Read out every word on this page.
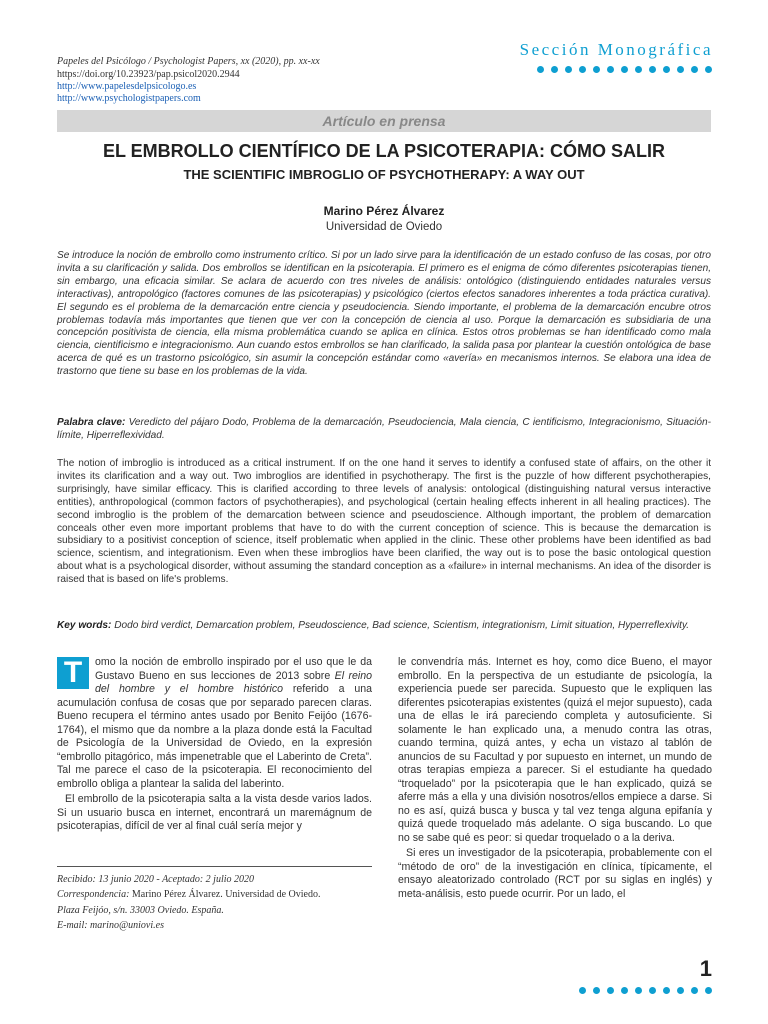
Papeles del Psicólogo / Psychologist Papers, xx (2020), pp. xx-xx
https://doi.org/10.23923/pap.psicol2020.2944
http://www.papelesdelpsicologo.es
http://www.psychologistpapers.com
Sección Monográfica
Artículo en prensa
EL EMBROLLO CIENTÍFICO DE LA PSICOTERAPIA: CÓMO SALIR
THE SCIENTIFIC IMBROGLIO OF PSYCHOTHERAPY: A WAY OUT
Marino Pérez Álvarez
Universidad de Oviedo
Se introduce la noción de embrollo como instrumento crítico. Si por un lado sirve para la identificación de un estado confuso de las cosas, por otro invita a su clarificación y salida. Dos embrollos se identifican en la psicoterapia. El primero es el enigma de cómo diferentes psicoterapias tienen, sin embargo, una eficacia similar. Se aclara de acuerdo con tres niveles de análisis: ontológico (distinguiendo entidades naturales versus interactivas), antropológico (factores comunes de las psicoterapias) y psicológico (ciertos efectos sanadores inherentes a toda práctica curativa). El segundo es el problema de la demarcación entre ciencia y pseudociencia. Siendo importante, el problema de la demarcación encubre otros problemas todavía más importantes que tienen que ver con la concepción de ciencia al uso. Porque la demarcación es subsidiaria de una concepción positivista de ciencia, ella misma problemática cuando se aplica en clínica. Estos otros problemas se han identificado como mala ciencia, cientificismo e integracionismo. Aun cuando estos embrollos se han clarificado, la salida pasa por plantear la cuestión ontológica de base acerca de qué es un trastorno psicológico, sin asumir la concepción estándar como «avería» en mecanismos internos. Se elabora una idea de trastorno que tiene su base en los problemas de la vida.
Palabra clave: Veredicto del pájaro Dodo, Problema de la demarcación, Pseudociencia, Mala ciencia, C ientificismo, Integracionismo, Situación-límite, Hiperreflexividad.
The notion of imbroglio is introduced as a critical instrument. If on the one hand it serves to identify a confused state of affairs, on the other it invites its clarification and a way out. Two imbroglios are identified in psychotherapy. The first is the puzzle of how different psychotherapies, surprisingly, have similar efficacy. This is clarified according to three levels of analysis: ontological (distinguishing natural versus interactive entities), anthropological (common factors of psychotherapies), and psychological (certain healing effects inherent in all healing practices). The second imbroglio is the problem of the demarcation between science and pseudoscience. Although important, the problem of demarcation conceals other even more important problems that have to do with the current conception of science. This is because the demarcation is subsidiary to a positivist conception of science, itself problematic when applied in the clinic. These other problems have been identified as bad science, scientism, and integrationism. Even when these imbroglios have been clarified, the way out is to pose the basic ontological question about what is a psychological disorder, without assuming the standard conception as a «failure» in internal mechanisms. An idea of the disorder is raised that is based on life's problems.
Key words: Dodo bird verdict, Demarcation problem, Pseudoscience, Bad science, Scientism, integrationism, Limit situation, Hyperreflexivity.

T	omo la noción de embrollo inspirado por el uso que le da Gustavo Bueno en sus lecciones de 2013 sobre El reino del hombre y el hombre histórico referido a una acumulación confusa de cosas que por separado parecen claras. Bueno recupera el término antes usado por Benito Feijóo (1676-1764), el mismo que da nombre a la plaza donde está la Facultad de Psicología de la Universidad de Oviedo, en la expresión “embrollo pitagórico, más impenetrable que el Laberinto de Creta”. Tal me parece el caso de la psicoterapia. El reconocimiento del embrollo obliga a plantear la salida del laberinto.

El embrollo de la psicoterapia salta a la vista desde varios lados. Si un usuario busca en internet, encontrará un maremágnum de psicoterapias, difícil de ver al final cuál sería mejor y

le convendría más. Internet es hoy, como dice Bueno, el mayor embrollo. En la perspectiva de un estudiante de psicología, la experiencia puede ser parecida. Supuesto que le expliquen las diferentes psicoterapias existentes (quizá el mejor supuesto), cada una de ellas le irá pareciendo completa y autosuficiente. Si solamente le han explicado una, a menudo contra las otras, cuando termina, quizá antes, y echa un vistazo al tablón de anuncios de su Facultad y por supuesto en internet, un mundo de otras terapias empieza a parecer. Si el estudiante ha quedado “troquelado” por la psicoterapia que le han explicado, quizá se aferre más a ella y una división nosotros/ellos empiece a darse. Si no es así, quizá busca y busca y tal vez tenga alguna epifanía y quizá quede troquelado más adelante. O siga buscando. Lo que no se sabe qué es peor: si quedar troquelado o a la deriva.

Si eres un investigador de la psicoterapia, probablemente con el “método de oro” de la investigación en clínica, típicamente, el ensayo aleatorizado controlado (RCT por su siglas en inglés) y meta-análisis, esto puede ocurrir. Por un lado, el

Recibido: 13 junio 2020 - Aceptado: 2 julio 2020
Correspondencia: Marino Pérez Álvarez. Universidad de Oviedo.
Plaza Feijóo, s/n. 33003 Oviedo. España.
E-mail: marino@uniovi.es
1
